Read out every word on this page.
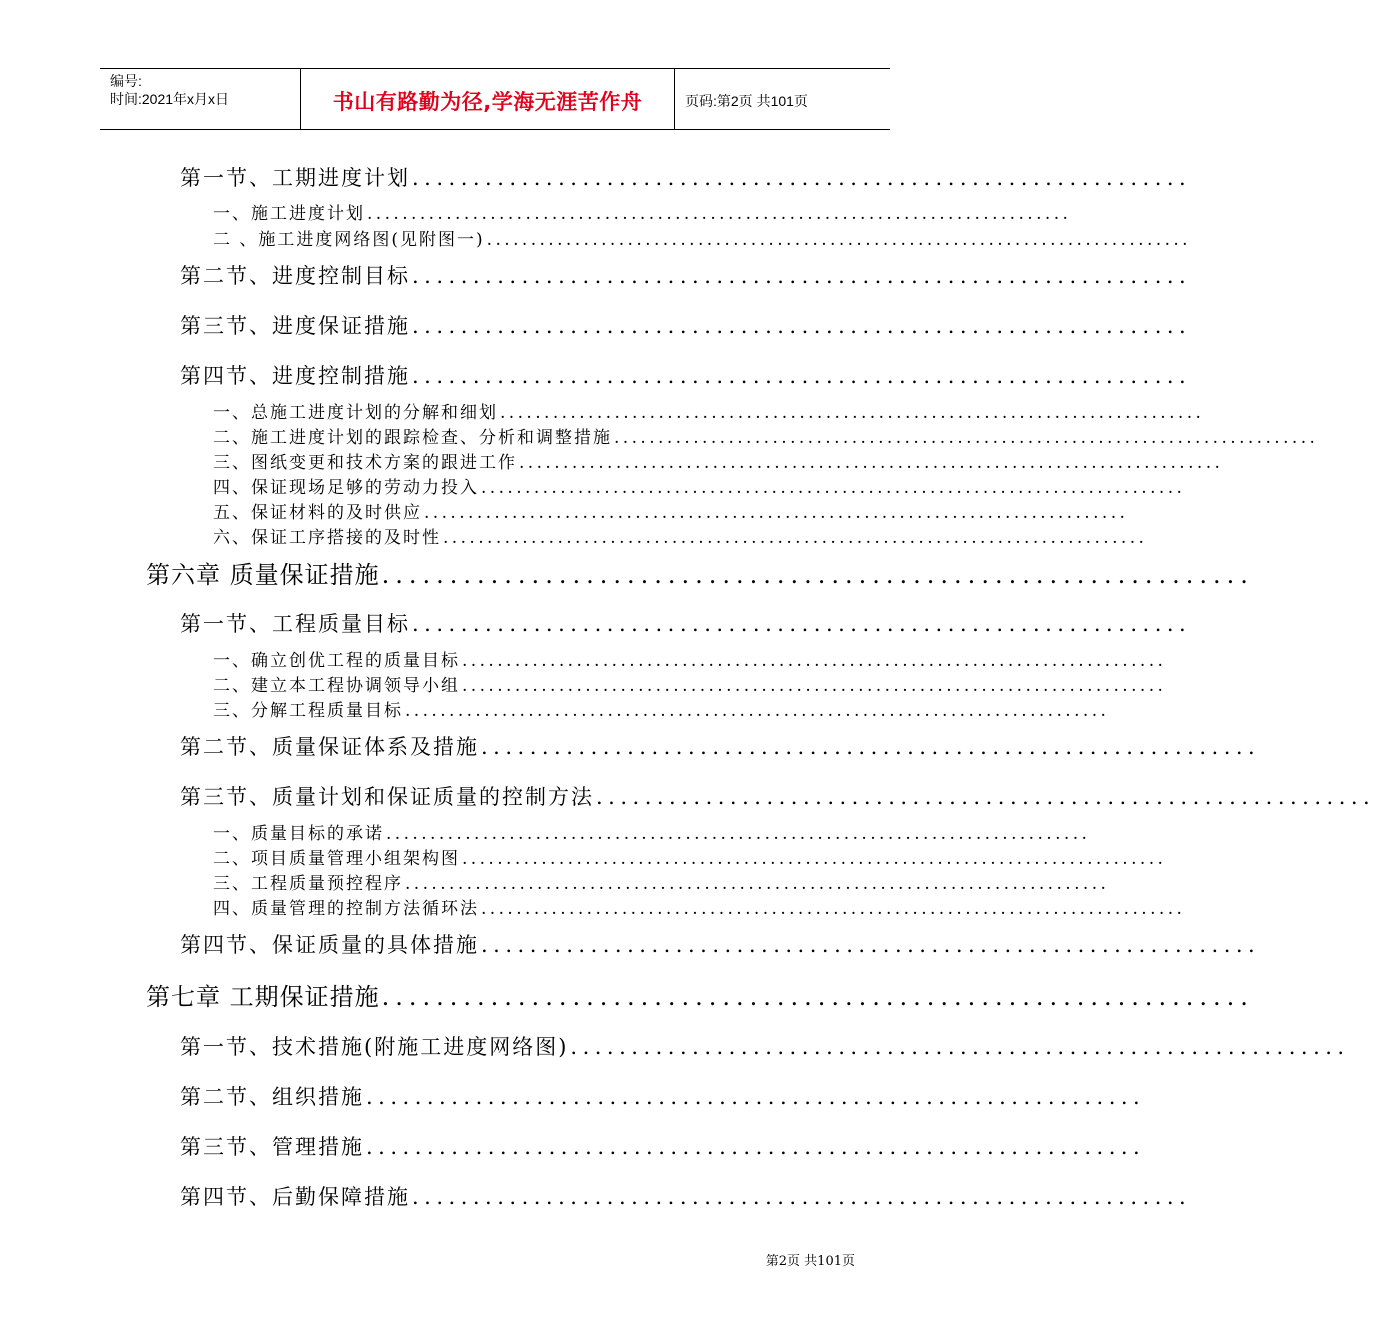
编号:
时间:2021年x月x日	书山有路勤为径,学海无涯苦作舟	页码:第2页 共101页
第一节、工期进度计划 ................................................................
一、施工进度计划 ................................................................................
二 、施工进度网络图(见附图一) ................................................................................
第二节、进度控制目标 ................................................................
第三节、进度保证措施 ................................................................
第四节、进度控制措施 ................................................................
一、总施工进度计划的分解和细划 ................................................................................
二、施工进度计划的跟踪检查、分析和调整措施 ................................................................................
三、图纸变更和技术方案的跟进工作 ................................................................................
四、保证现场足够的劳动力投入 ................................................................................
五、保证材料的及时供应 ................................................................................
六、保证工序搭接的及时性 ................................................................................
第六章 质量保证措施 ................................................................
第一节、工程质量目标 ................................................................
一、确立创优工程的质量目标 ................................................................................
二、建立本工程协调领导小组 ................................................................................
三、分解工程质量目标 ................................................................................
第二节、质量保证体系及措施 ................................................................
第三节、质量计划和保证质量的控制方法 ................................................................
一、质量目标的承诺 ................................................................................
二、项目质量管理小组架构图 ................................................................................
三、工程质量预控程序 ................................................................................
四、质量管理的控制方法循环法 ................................................................................
第四节、保证质量的具体措施 ................................................................
第七章 工期保证措施 ................................................................
第一节、技术措施(附施工进度网络图) ................................................................
第二节、组织措施 ................................................................
第三节、管理措施 ................................................................
第四节、后勤保障措施 ................................................................
第2页 共101页
